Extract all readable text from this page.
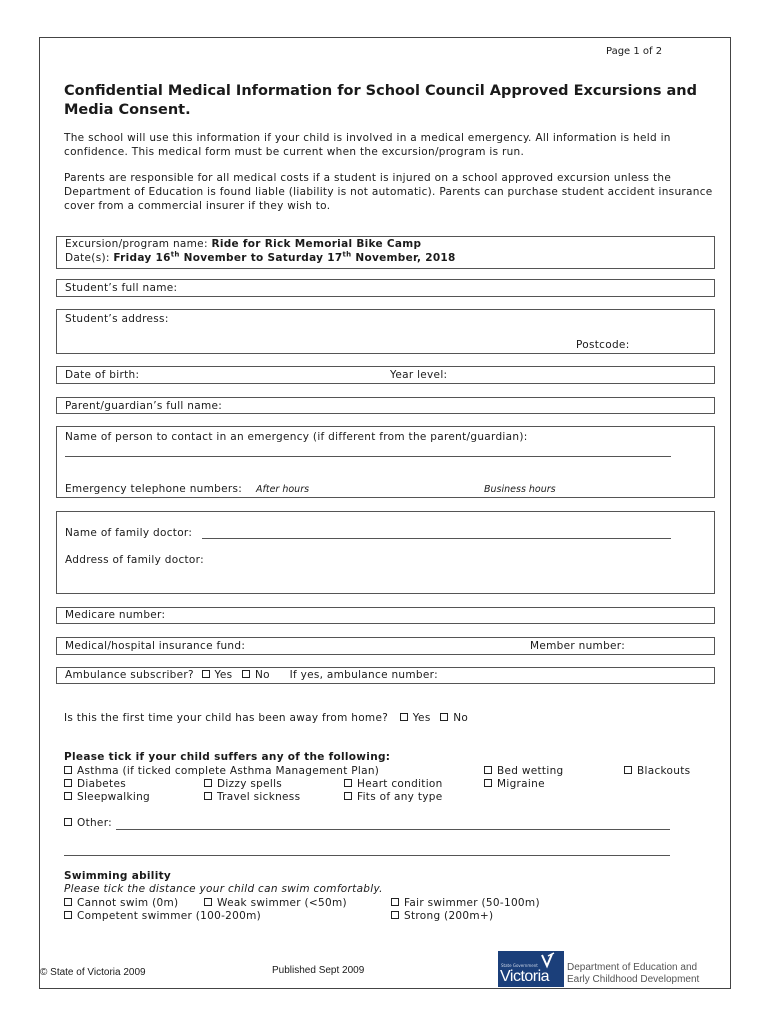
Page 1 of 2
Confidential Medical Information for School Council Approved Excursions and Media Consent.
The school will use this information if your child is involved in a medical emergency. All information is held in confidence. This medical form must be current when the excursion/program is run.
Parents are responsible for all medical costs if a student is injured on a school approved excursion unless the Department of Education is found liable (liability is not automatic). Parents can purchase student accident insurance cover from a commercial insurer if they wish to.
Excursion/program name: Ride for Rick Memorial Bike Camp
Date(s): Friday 16th November to Saturday 17th November, 2018
Student’s full name:
Student’s address:
Postcode:
Date of birth:	Year level:
Parent/guardian’s full name:
Name of person to contact in an emergency (if different from the parent/guardian):
Emergency telephone numbers: After hours	Business hours
Name of family doctor:
Address of family doctor:
Medicare number:
Medical/hospital insurance fund:	Member number:
Ambulance subscriber? Yes No If yes, ambulance number:
Is this the first time your child has been away from home? Yes No
Please tick if your child suffers any of the following:
Asthma (if ticked complete Asthma Management Plan)	Bed wetting	Blackouts
Diabetes	Dizzy spells	Heart condition	Migraine
Sleepwalking	Travel sickness	Fits of any type
Other:
Swimming ability
Please tick the distance your child can swim comfortably.
Cannot swim (0m)	Weak swimmer (<50m)	Fair swimmer (50-100m)
Competent swimmer (100-200m)	Strong (200m+)
© State of Victoria 2009	Published Sept 2009	State Government
Victoria
Department of Education and
Early Childhood Development
